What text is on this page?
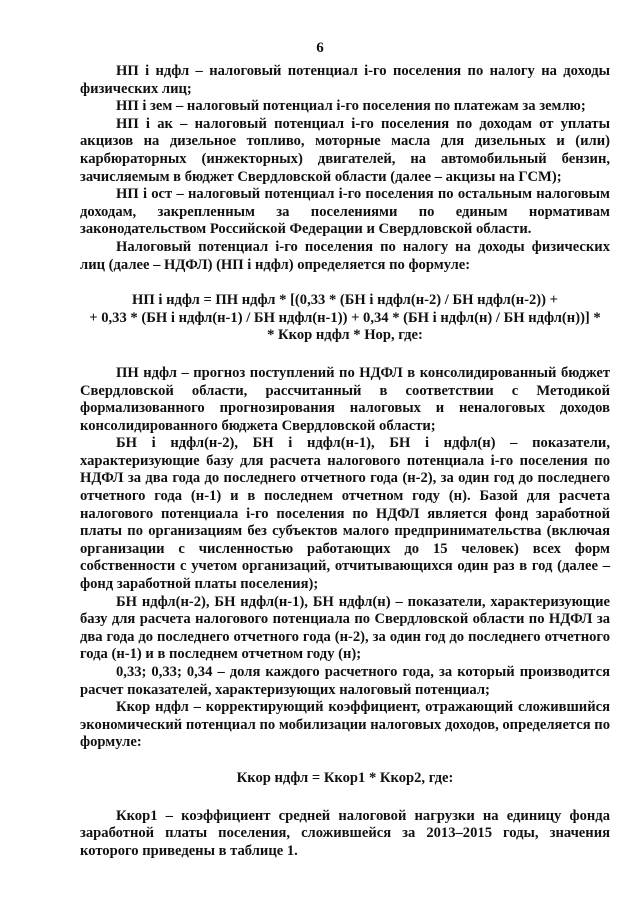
6

НП i ндфл – налоговый потенциал i-го поселения по налогу на доходы физических лиц;

НП i зем – налоговый потенциал i-го поселения по платежам за землю;

НП i ак – налоговый потенциал i-го поселения по доходам от уплаты акцизов на дизельное топливо, моторные масла для дизельных и (или) карбюраторных (инжекторных) двигателей, на автомобильный бензин, зачисляемым в бюджет Свердловской области (далее – акцизы на ГСМ);

НП i ост – налоговый потенциал i-го поселения по остальным налоговым доходам, закрепленным за поселениями по единым нормативам законодательством Российской Федерации и Свердловской области.

Налоговый потенциал i-го поселения по налогу на доходы физических лиц (далее – НДФЛ) (НП i ндфл) определяется по формуле:

НП i ндфл = ПН ндфл * [(0,33 * (БН i ндфл(н-2) / БН ндфл(н-2)) +

+ 0,33 * (БН i ндфл(н-1) / БН ндфл(н-1)) + 0,34 * (БН i ндфл(н) / БН ндфл(н))] *

* Ккор ндфл * Нор, где:

ПН ндфл – прогноз поступлений по НДФЛ в консолидированный бюджет Свердловской области, рассчитанный в соответствии с Методикой формализованного прогнозирования налоговых и неналоговых доходов консолидированного бюджета Свердловской области;

БН i ндфл(н-2), БН i ндфл(н-1), БН i ндфл(н) – показатели, характеризующие базу для расчета налогового потенциала i-го поселения по НДФЛ за два года до последнего отчетного года (н-2), за один год до последнего отчетного года (н-1) и в последнем отчетном году (н). Базой для расчета налогового потенциала i-го поселения по НДФЛ является фонд заработной платы по организациям без субъектов малого предпринимательства (включая организации с численностью работающих до 15 человек) всех форм собственности с учетом организаций, отчитывающихся один раз в год (далее – фонд заработной платы поселения);

БН ндфл(н-2), БН ндфл(н-1), БН ндфл(н) – показатели, характеризующие базу для расчета налогового потенциала по Свердловской области по НДФЛ за два года до последнего отчетного года (н-2), за один год до последнего отчетного года (н-1) и в последнем отчетном году (н);

0,33; 0,33; 0,34 – доля каждого расчетного года, за который производится расчет показателей, характеризующих налоговый потенциал;

Ккор ндфл – корректирующий коэффициент, отражающий сложившийся экономический потенциал по мобилизации налоговых доходов, определяется по формуле:

Ккор ндфл = Ккор1 * Ккор2, где:

Ккор1 – коэффициент средней налоговой нагрузки на единицу фонда заработной платы поселения, сложившейся за 2013–2015 годы, значения которого приведены в таблице 1.
